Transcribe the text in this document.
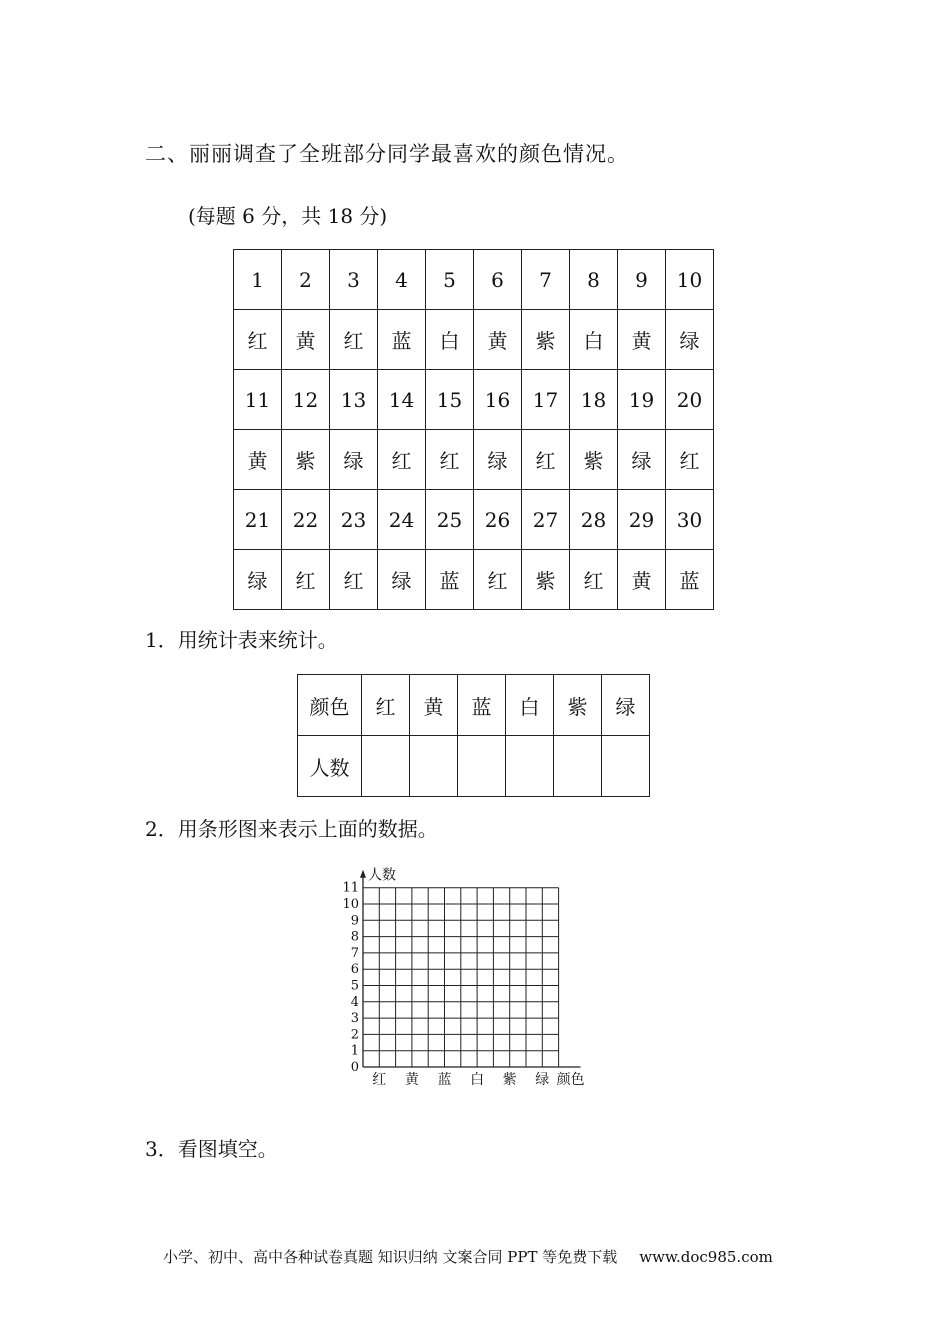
二、丽丽调查了全班部分同学最喜欢的颜色情况。
(每题 6 分，共 18 分)
1	2	3	4	5	6	7	8	9	10
红	黄	红	蓝	白	黄	紫	白	黄	绿
11	12	13	14	15	16	17	18	19	20
黄	紫	绿	红	红	绿	红	紫	绿	红
21	22	23	24	25	26	27	28	29	30
绿	红	红	绿	蓝	红	紫	红	黄	蓝
1．用统计表来统计。
颜色	红	黄	蓝	白	紫	绿
人数						
2．用条形图来表示上面的数据。
0
1
2
3
4
5
6
7
8
9
10
11
人数
红 黄 蓝 白 紫 绿 颜色
3．看图填空。
小学、初中、高中各种试卷真题 知识归纳 文案合同 PPT 等免费下载 www.doc985.com
